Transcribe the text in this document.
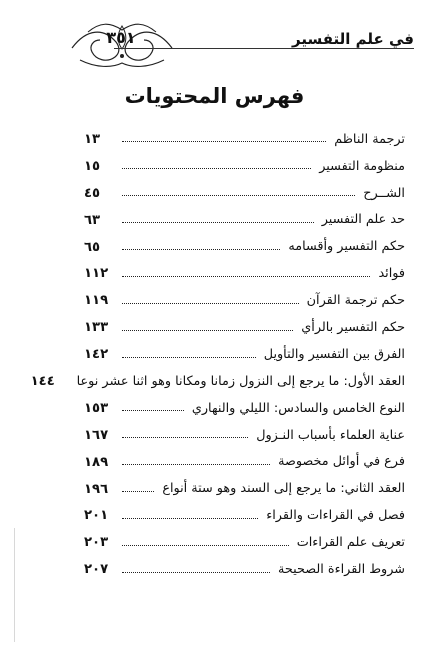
٣٥١	في علم التفسير
فهرس المحتويات
ترجمة الناظم
١٣
منظومة التفسير
١٥
الشــرح
٤٥
حد علم التفسير
٦٣
حكم التفسير وأقسامه
٦٥
فوائد
١١٢
حكم ترجمة القرآن
١١٩
حكم التفسير بالرأي
١٣٣
الفرق بين التفسير والتأويل
١٤٢
العقد الأول: ما يرجع إلى النزول زمانا ومكانا وهو اثنا عشر نوعا
١٤٤
النوع الخامس والسادس: الليلي والنهاري
١٥٣
عناية العلماء بأسباب النـزول
١٦٧
فرع في أوائل مخصوصة
١٨٩
العقد الثاني: ما يرجع إلى السند وهو ستة أنواع
١٩٦
فصل في القراءات والقراء
٢٠١
تعريف علم القراءات
٢٠٣
شروط القراءة الصحيحة
٢٠٧
